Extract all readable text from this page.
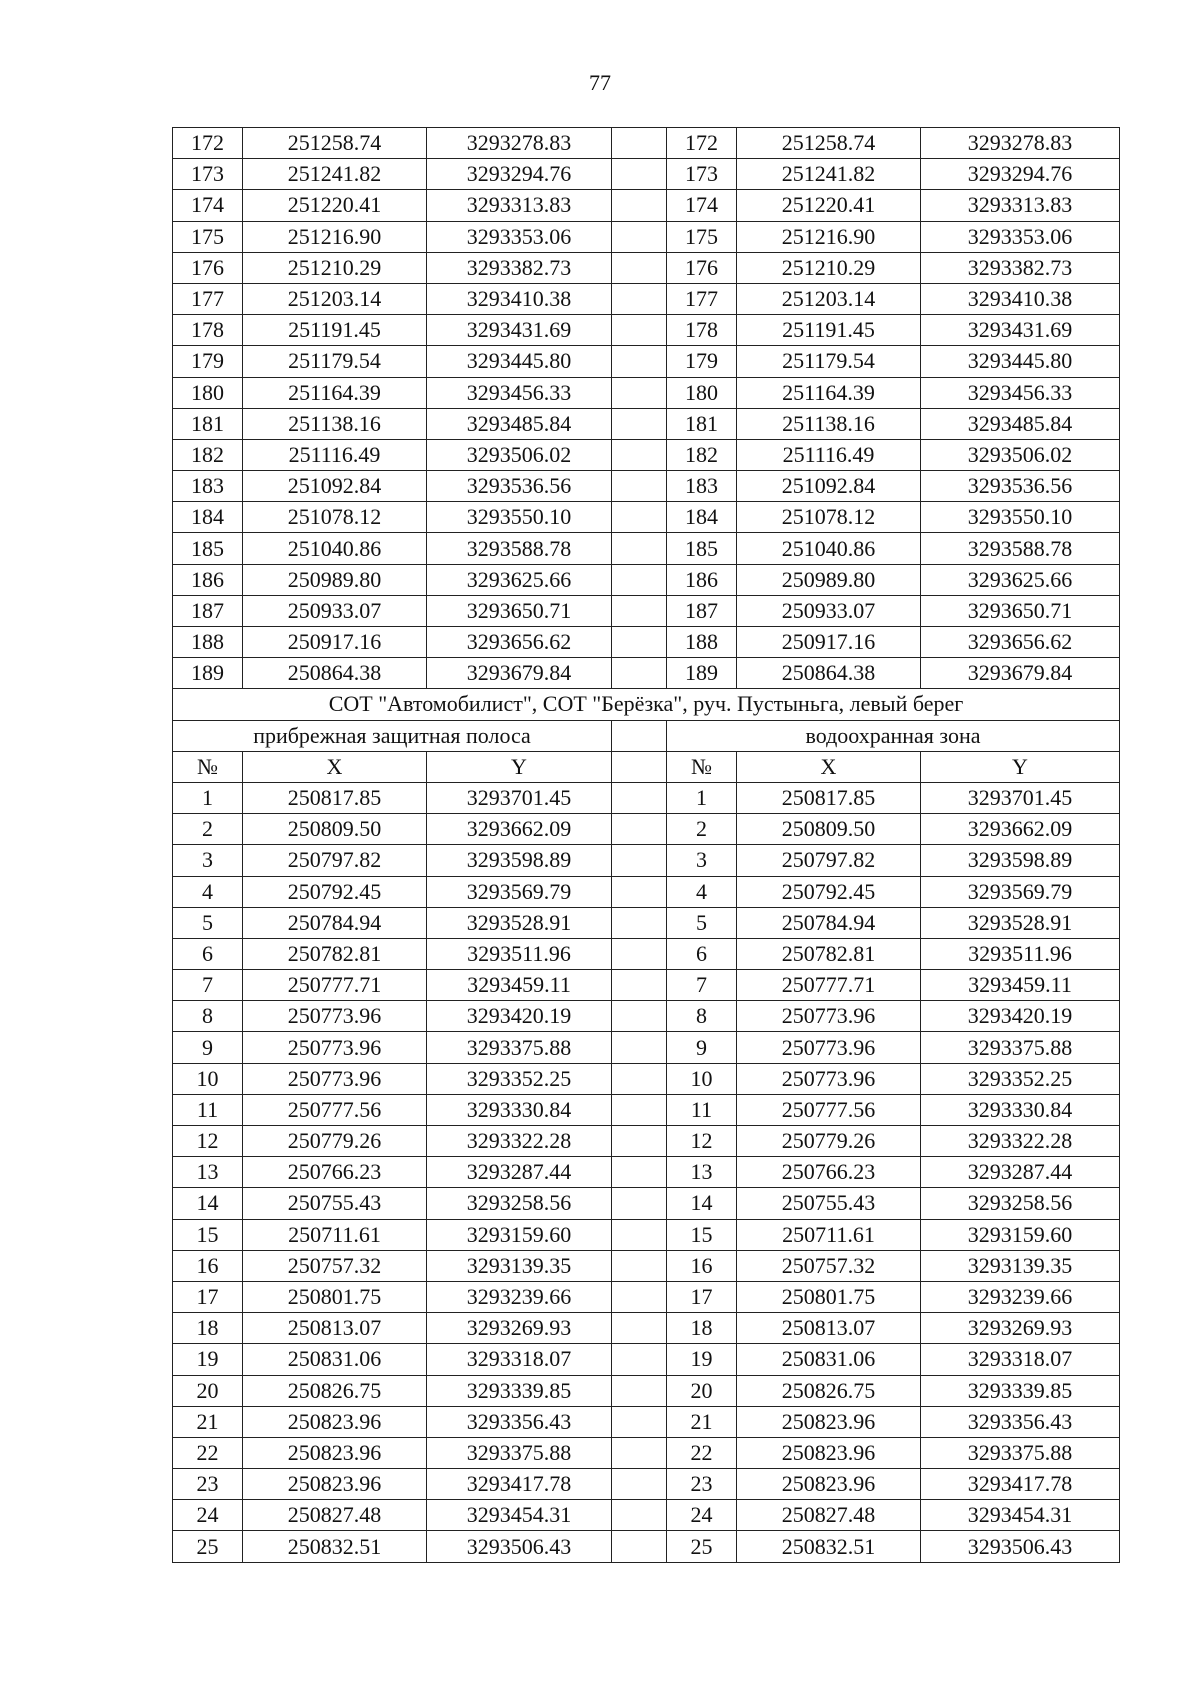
77
172	251258.74	3293278.83		172	251258.74	3293278.83
173	251241.82	3293294.76		173	251241.82	3293294.76
174	251220.41	3293313.83		174	251220.41	3293313.83
175	251216.90	3293353.06		175	251216.90	3293353.06
176	251210.29	3293382.73		176	251210.29	3293382.73
177	251203.14	3293410.38		177	251203.14	3293410.38
178	251191.45	3293431.69		178	251191.45	3293431.69
179	251179.54	3293445.80		179	251179.54	3293445.80
180	251164.39	3293456.33		180	251164.39	3293456.33
181	251138.16	3293485.84		181	251138.16	3293485.84
182	251116.49	3293506.02		182	251116.49	3293506.02
183	251092.84	3293536.56		183	251092.84	3293536.56
184	251078.12	3293550.10		184	251078.12	3293550.10
185	251040.86	3293588.78		185	251040.86	3293588.78
186	250989.80	3293625.66		186	250989.80	3293625.66
187	250933.07	3293650.71		187	250933.07	3293650.71
188	250917.16	3293656.62		188	250917.16	3293656.62
189	250864.38	3293679.84		189	250864.38	3293679.84
СОТ "Автомобилист", СОТ "Берёзка", руч. Пустыньга, левый берег						
прибрежная защитная полоса				водоохранная зона		
№	X	Y		№	X	Y
1	250817.85	3293701.45		1	250817.85	3293701.45
2	250809.50	3293662.09		2	250809.50	3293662.09
3	250797.82	3293598.89		3	250797.82	3293598.89
4	250792.45	3293569.79		4	250792.45	3293569.79
5	250784.94	3293528.91		5	250784.94	3293528.91
6	250782.81	3293511.96		6	250782.81	3293511.96
7	250777.71	3293459.11		7	250777.71	3293459.11
8	250773.96	3293420.19		8	250773.96	3293420.19
9	250773.96	3293375.88		9	250773.96	3293375.88
10	250773.96	3293352.25		10	250773.96	3293352.25
11	250777.56	3293330.84		11	250777.56	3293330.84
12	250779.26	3293322.28		12	250779.26	3293322.28
13	250766.23	3293287.44		13	250766.23	3293287.44
14	250755.43	3293258.56		14	250755.43	3293258.56
15	250711.61	3293159.60		15	250711.61	3293159.60
16	250757.32	3293139.35		16	250757.32	3293139.35
17	250801.75	3293239.66		17	250801.75	3293239.66
18	250813.07	3293269.93		18	250813.07	3293269.93
19	250831.06	3293318.07		19	250831.06	3293318.07
20	250826.75	3293339.85		20	250826.75	3293339.85
21	250823.96	3293356.43		21	250823.96	3293356.43
22	250823.96	3293375.88		22	250823.96	3293375.88
23	250823.96	3293417.78		23	250823.96	3293417.78
24	250827.48	3293454.31		24	250827.48	3293454.31
25	250832.51	3293506.43		25	250832.51	3293506.43
